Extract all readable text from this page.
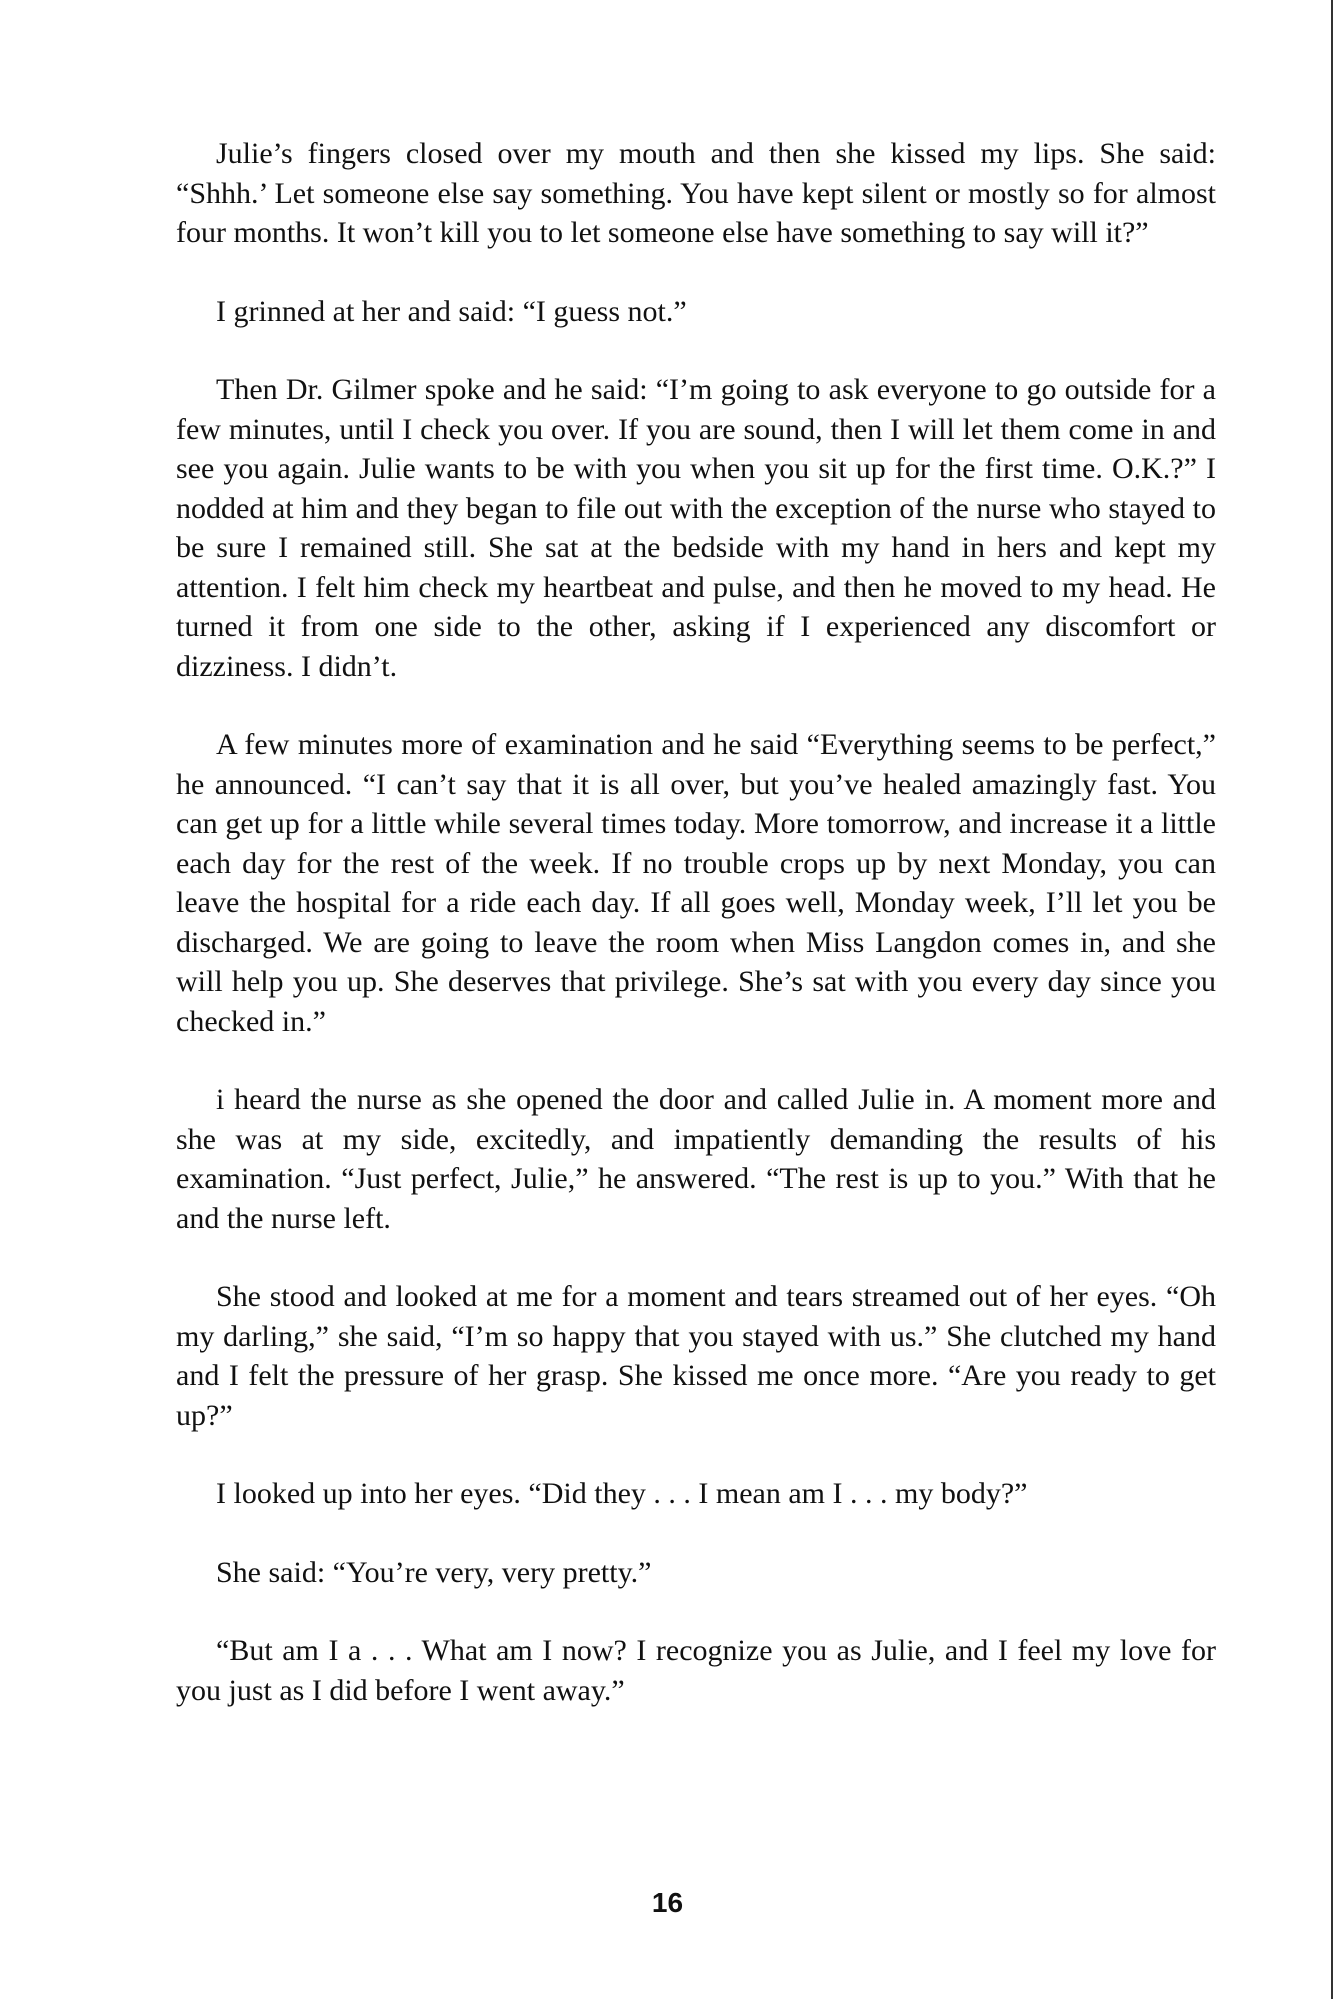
Julie’s fingers closed over my mouth and then she kissed my lips. She said: “Shhh.’ Let someone else say something. You have kept silent or mostly so for almost four months. It won’t kill you to let someone else have something to say will it?”

I grinned at her and said: “I guess not.”

Then Dr. Gilmer spoke and he said: “I’m going to ask everyone to go outside for a few minutes, until I check you over. If you are sound, then I will let them come in and see you again. Julie wants to be with you when you sit up for the first time. O.K.?” I nodded at him and they began to file out with the exception of the nurse who stayed to be sure I remained still. She sat at the bedside with my hand in hers and kept my attention. I felt him check my heartbeat and pulse, and then he moved to my head. He turned it from one side to the other, asking if I experienced any discomfort or dizziness. I didn’t.

A few minutes more of examination and he said “Everything seems to be perfect,” he announced. “I can’t say that it is all over, but you’ve healed amazingly fast. You can get up for a little while several times today. More tomorrow, and increase it a little each day for the rest of the week. If no trouble crops up by next Monday, you can leave the hospital for a ride each day. If all goes well, Monday week, I’ll let you be discharged. We are going to leave the room when Miss Langdon comes in, and she will help you up. She deserves that privilege. She’s sat with you every day since you checked in.”

i heard the nurse as she opened the door and called Julie in. A moment more and she was at my side, excitedly, and impatiently demanding the results of his examination. “Just perfect, Julie,” he answered. “The rest is up to you.” With that he and the nurse left.

She stood and looked at me for a moment and tears streamed out of her eyes. “Oh my darling,” she said, “I’m so happy that you stayed with us.” She clutched my hand and I felt the pressure of her grasp. She kissed me once more. “Are you ready to get up?”

I looked up into her eyes. “Did they . . . I mean am I . . . my body?”

She said: “You’re very, very pretty.”

“But am I a . . . What am I now? I recognize you as Julie, and I feel my love for you just as I did before I went away.”

16
